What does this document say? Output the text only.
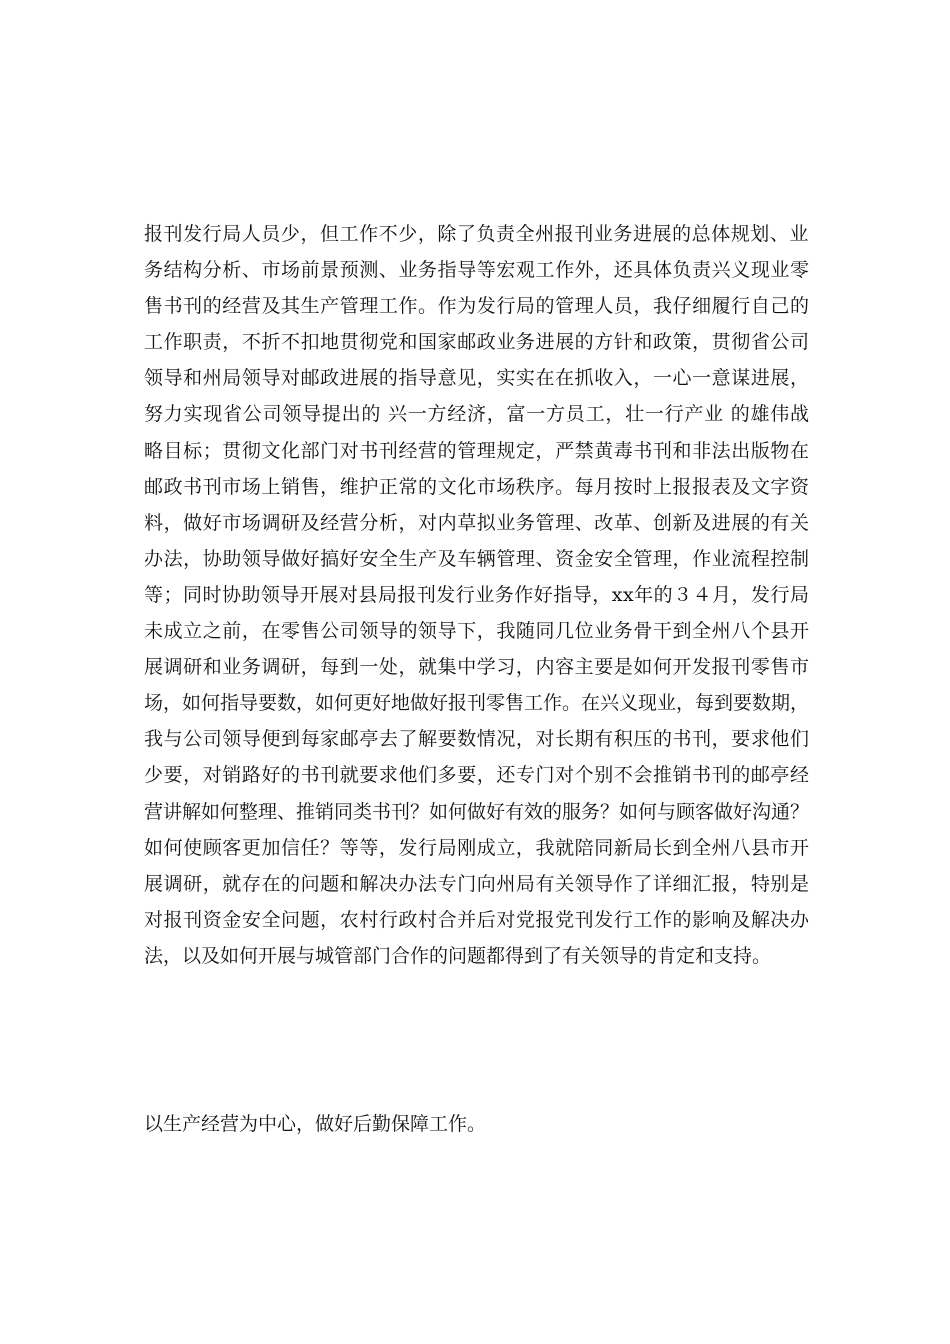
报刊发行局人员少，但工作不少，除了负责全州报刊业务进展的总体规划、业
务结构分析、市场前景预测、业务指导等宏观工作外，还具体负责兴义现业零
售书刊的经营及其生产管理工作。作为发行局的管理人员，我仔细履行自己的
工作职责，不折不扣地贯彻党和国家邮政业务进展的方针和政策，贯彻省公司
领导和州局领导对邮政进展的指导意见，实实在在抓收入，一心一意谋进展，
努力实现省公司领导提出的 兴一方经济，富一方员工，壮一行产业 的雄伟战
略目标；贯彻文化部门对书刊经营的管理规定，严禁黄毒书刊和非法出版物在
邮政书刊市场上销售，维护正常的文化市场秩序。每月按时上报报表及文字资
料，做好市场调研及经营分析，对内草拟业务管理、改革、创新及进展的有关
办法，协助领导做好搞好安全生产及车辆管理、资金安全管理，作业流程控制
等；同时协助领导开展对县局报刊发行业务作好指导，xx年的３４月，发行局
未成立之前，在零售公司领导的领导下，我随同几位业务骨干到全州八个县开
展调研和业务调研，每到一处，就集中学习，内容主要是如何开发报刊零售市
场，如何指导要数，如何更好地做好报刊零售工作。在兴义现业，每到要数期，
我与公司领导便到每家邮亭去了解要数情况，对长期有积压的书刊，要求他们
少要，对销路好的书刊就要求他们多要，还专门对个别不会推销书刊的邮亭经
营讲解如何整理、推销同类书刊？如何做好有效的服务？如何与顾客做好沟通？
如何使顾客更加信任？等等，发行局刚成立，我就陪同新局长到全州八县市开
展调研，就存在的问题和解决办法专门向州局有关领导作了详细汇报，特别是
对报刊资金安全问题，农村行政村合并后对党报党刊发行工作的影响及解决办
法，以及如何开展与城管部门合作的问题都得到了有关领导的肯定和支持。
以生产经营为中心，做好后勤保障工作。
